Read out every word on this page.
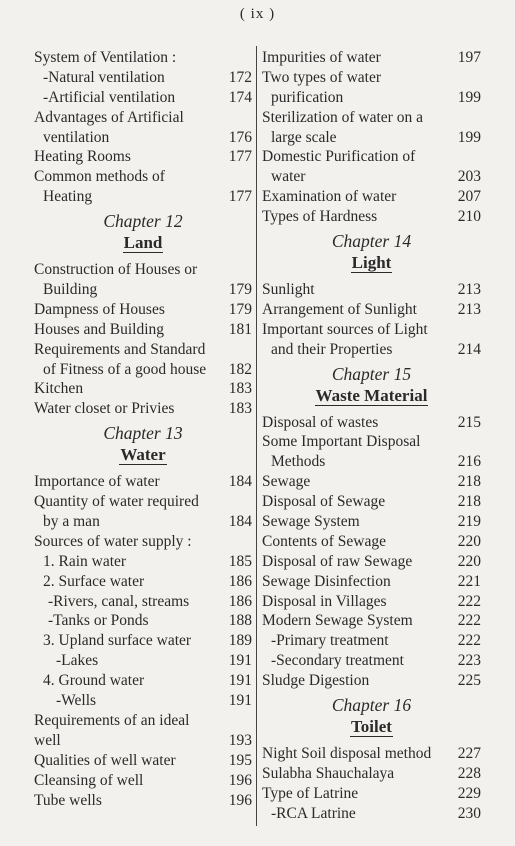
( ix )
System of Ventilation :
-Natural ventilation	172
-Artificial ventilation	174
Advantages of Artificial
ventilation	176
Heating Rooms	177
Common methods of
Heating	177
Chapter 12
Land
Construction of Houses or
Building	179
Dampness of Houses	179
Houses and Building	181
Requirements and Standard
of Fitness of a good house 182
Kitchen	183
Water closet or Privies	183
Chapter 13
Water
Importance of water	184
Quantity of water required
by a man	184
Sources of water supply :
1. Rain water	185
2. Surface water	186
-Rivers, canal, streams	186
-Tanks or Ponds	188
3. Upland surface water 189
-Lakes	191
4. Ground water	191
-Wells	191
Requirements of an ideal
well	193
Qualities of well water	195
Cleansing of well	196
Tube wells	196
Impurities of water	197
Two types of water
purification	199
Sterilization of water on a
large scale	199
Domestic Purification of
water	203
Examination of water	207
Types of Hardness	210
Chapter 14
Light
Sunlight	213
Arrangement of Sunlight	213
Important sources of Light
and their Properties	214
Chapter 15
Waste Material
Disposal of wastes	215
Some Important Disposal
Methods	216
Sewage	218
Disposal of Sewage	218
Sewage System	219
Contents of Sewage	220
Disposal of raw Sewage	220
Sewage Disinfection	221
Disposal in Villages	222
Modern Sewage System	222
-Primary treatment	222
-Secondary treatment	223
Sludge Digestion	225
Chapter 16
Toilet
Night Soil disposal method 227
Sulabha Shauchalaya	228
Type of Latrine	229
-RCA Latrine	230
